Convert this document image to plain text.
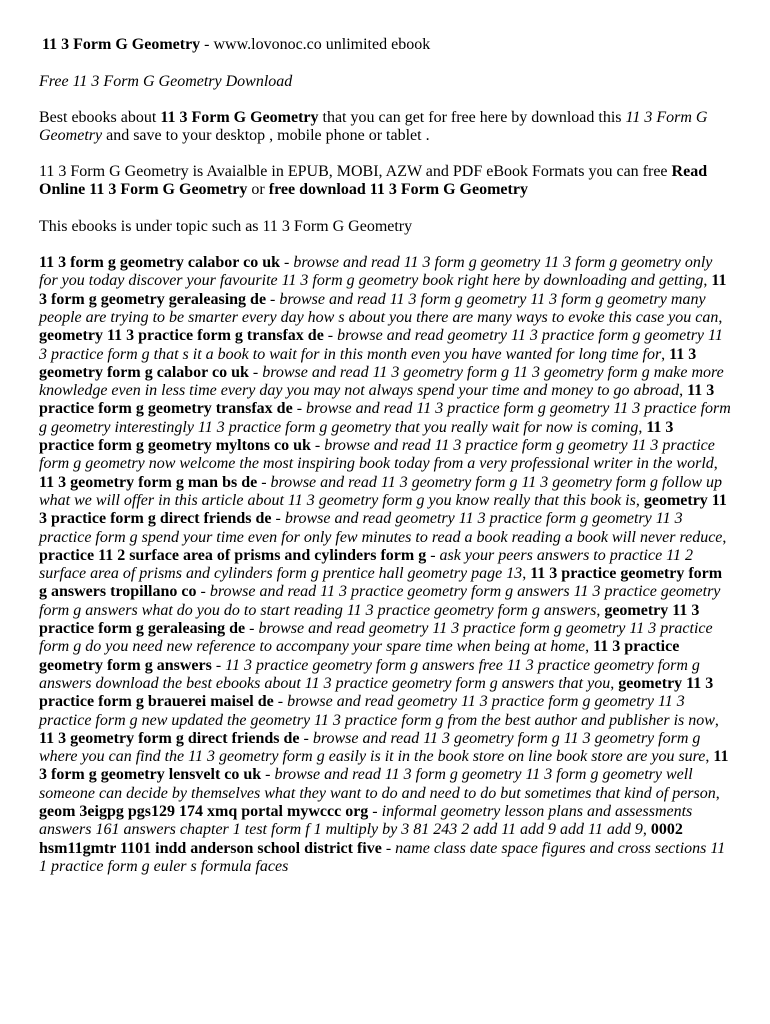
11 3 Form G Geometry - www.lovonoc.co unlimited ebook

Free 11 3 Form G Geometry Download

Best ebooks about 11 3 Form G Geometry that you can get for free here by download this 11 3 Form G Geometry and save to your desktop , mobile phone or tablet .

11 3 Form G Geometry is Avaialble in EPUB, MOBI, AZW and PDF eBook Formats you can free Read Online 11 3 Form G Geometry or free download 11 3 Form G Geometry

This ebooks is under topic such as 11 3 Form G Geometry

11 3 form g geometry calabor co uk - browse and read 11 3 form g geometry 11 3 form g geometry only for you today discover your favourite 11 3 form g geometry book right here by downloading and getting, 11 3 form g geometry geraleasing de - browse and read 11 3 form g geometry 11 3 form g geometry many people are trying to be smarter every day how s about you there are many ways to evoke this case you can, geometry 11 3 practice form g transfax de - browse and read geometry 11 3 practice form g geometry 11 3 practice form g that s it a book to wait for in this month even you have wanted for long time for, 11 3 geometry form g calabor co uk - browse and read 11 3 geometry form g 11 3 geometry form g make more knowledge even in less time every day you may not always spend your time and money to go abroad, 11 3 practice form g geometry transfax de - browse and read 11 3 practice form g geometry 11 3 practice form g geometry interestingly 11 3 practice form g geometry that you really wait for now is coming, 11 3 practice form g geometry myltons co uk - browse and read 11 3 practice form g geometry 11 3 practice form g geometry now welcome the most inspiring book today from a very professional writer in the world, 11 3 geometry form g man bs de - browse and read 11 3 geometry form g 11 3 geometry form g follow up what we will offer in this article about 11 3 geometry form g you know really that this book is, geometry 11 3 practice form g direct friends de - browse and read geometry 11 3 practice form g geometry 11 3 practice form g spend your time even for only few minutes to read a book reading a book will never reduce, practice 11 2 surface area of prisms and cylinders form g - ask your peers answers to practice 11 2 surface area of prisms and cylinders form g prentice hall geometry page 13, 11 3 practice geometry form g answers tropillano co - browse and read 11 3 practice geometry form g answers 11 3 practice geometry form g answers what do you do to start reading 11 3 practice geometry form g answers, geometry 11 3 practice form g geraleasing de - browse and read geometry 11 3 practice form g geometry 11 3 practice form g do you need new reference to accompany your spare time when being at home, 11 3 practice geometry form g answers - 11 3 practice geometry form g answers free 11 3 practice geometry form g answers download the best ebooks about 11 3 practice geometry form g answers that you, geometry 11 3 practice form g brauerei maisel de - browse and read geometry 11 3 practice form g geometry 11 3 practice form g new updated the geometry 11 3 practice form g from the best author and publisher is now, 11 3 geometry form g direct friends de - browse and read 11 3 geometry form g 11 3 geometry form g where you can find the 11 3 geometry form g easily is it in the book store on line book store are you sure, 11 3 form g geometry lensvelt co uk - browse and read 11 3 form g geometry 11 3 form g geometry well someone can decide by themselves what they want to do and need to do but sometimes that kind of person, geom 3eigpg pgs129 174 xmq portal mywccc org - informal geometry lesson plans and assessments answers 161 answers chapter 1 test form f 1 multiply by 3 81 243 2 add 11 add 9 add 11 add 9, 0002 hsm11gmtr 1101 indd anderson school district five - name class date space figures and cross sections 11 1 practice form g euler s formula faces
